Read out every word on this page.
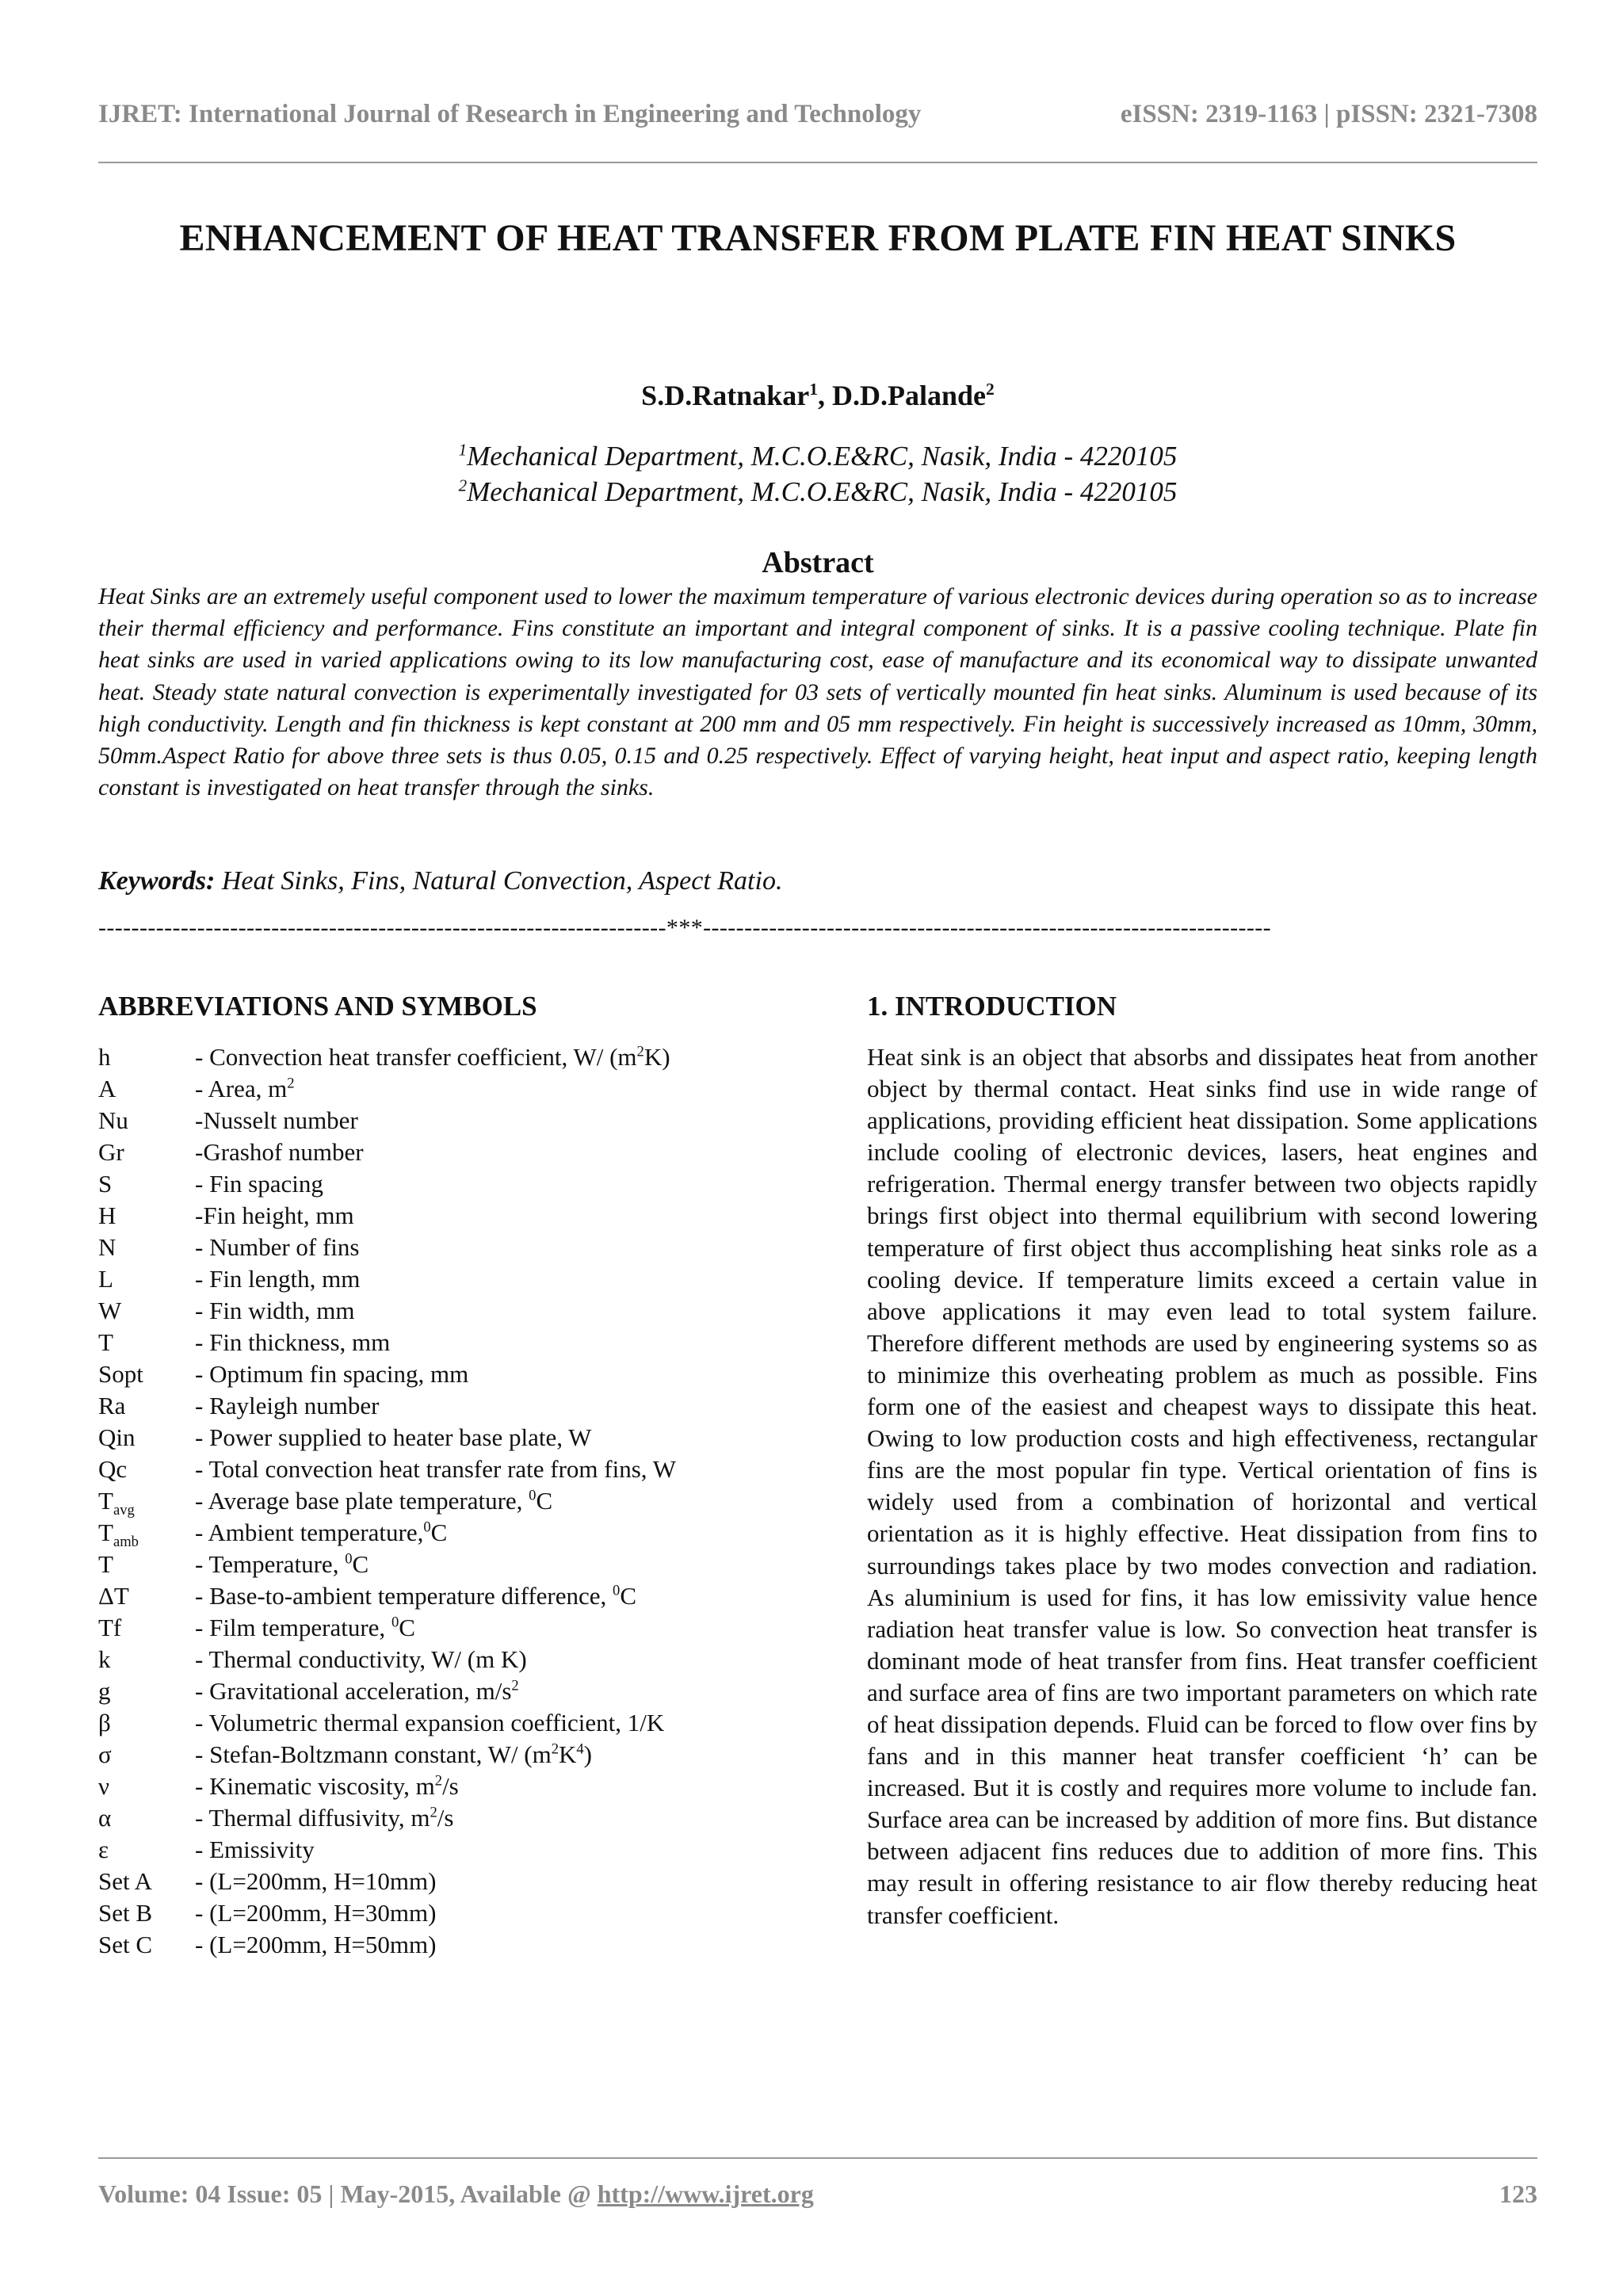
IJRET: International Journal of Research in Engineering and Technology	eISSN: 2319-1163 | pISSN: 2321-7308
ENHANCEMENT OF HEAT TRANSFER FROM PLATE FIN HEAT SINKS
S.D.Ratnakar$^1$, D.D.Palande$^2$
$^1$Mechanical Department, M.C.O.E&RC, Nasik, India - 4220105
$^2$Mechanical Department, M.C.O.E&RC, Nasik, India - 4220105
Abstract
Heat Sinks are an extremely useful component used to lower the maximum temperature of various electronic devices during operation so as to increase their thermal efficiency and performance. Fins constitute an important and integral component of sinks. It is a passive cooling technique. Plate fin heat sinks are used in varied applications owing to its low manufacturing cost, ease of manufacture and its economical way to dissipate unwanted heat. Steady state natural convection is experimentally investigated for 03 sets of vertically mounted fin heat sinks. Aluminum is used because of its high conductivity. Length and fin thickness is kept constant at 200 mm and 05 mm respectively. Fin height is successively increased as 10mm, 30mm, 50mm.Aspect Ratio for above three sets is thus 0.05, 0.15 and 0.25 respectively. Effect of varying height, heat input and aspect ratio, keeping length constant is investigated on heat transfer through the sinks.
Keywords: Heat Sinks, Fins, Natural Convection, Aspect Ratio.
---------------------------------------------------------------------***---------------------------------------------------------------------
ABBREVIATIONS AND SYMBOLS
h	- Convection heat transfer coefficient, W/ $(m^2K)$
A	- Area, $m^2$
Nu	-Nusselt number
Gr	-Grashof number
S	- Fin spacing
H	-Fin height, mm
N	- Number of fins
L	- Fin length, mm
W	- Fin width, mm
T	- Fin thickness, mm
Sopt	- Optimum fin spacing, mm
Ra	- Rayleigh number
Qin	- Power supplied to heater base plate, W
Qc	- Total convection heat transfer rate from fins, W
$T_{avg}$	- Average base plate temperature, $^0$C
$T_{amb}$	- Ambient temperature,$^0$C
T	- Temperature, $^0$C
ΔT	- Base-to-ambient temperature difference, $^0$C
Tf	- Film temperature, $^0$C
k	- Thermal conductivity, W/ (m K)
g	- Gravitational acceleration, $m/s^2$
β	- Volumetric thermal expansion coefficient, 1/K
σ	- Stefan-Boltzmann constant, W/ $(m^2K^4)$
ν	- Kinematic viscosity, $m^2/s$
α	- Thermal diffusivity, $m^2/s$
ε	- Emissivity
Set A	- (L=200mm, H=10mm)
Set B	- (L=200mm, H=30mm)
Set C	- (L=200mm, H=50mm)
1. INTRODUCTION

Heat sink is an object that absorbs and dissipates heat from another object by thermal contact. Heat sinks find use in wide range of applications, providing efficient heat dissipation. Some applications include cooling of electronic devices, lasers, heat engines and refrigeration. Thermal energy transfer between two objects rapidly brings first object into thermal equilibrium with second lowering temperature of first object thus accomplishing heat sinks role as a cooling device. If temperature limits exceed a certain value in above applications it may even lead to total system failure. Therefore different methods are used by engineering systems so as to minimize this overheating problem as much as possible. Fins form one of the easiest and cheapest ways to dissipate this heat. Owing to low production costs and high effectiveness, rectangular fins are the most popular fin type. Vertical orientation of fins is widely used from a combination of horizontal and vertical orientation as it is highly effective. Heat dissipation from fins to surroundings takes place by two modes convection and radiation. As aluminium is used for fins, it has low emissivity value hence radiation heat transfer value is low. So convection heat transfer is dominant mode of heat transfer from fins. Heat transfer coefficient and surface area of fins are two important parameters on which rate of heat dissipation depends. Fluid can be forced to flow over fins by fans and in this manner heat transfer coefficient ‘h’ can be increased. But it is costly and requires more volume to include fan. Surface area can be increased by addition of more fins. But distance between adjacent fins reduces due to addition of more fins. This may result in offering resistance to air flow thereby reducing heat transfer coefficient.

Volume: 04 Issue: 05 | May-2015, Available @ http://www.ijret.org	123
